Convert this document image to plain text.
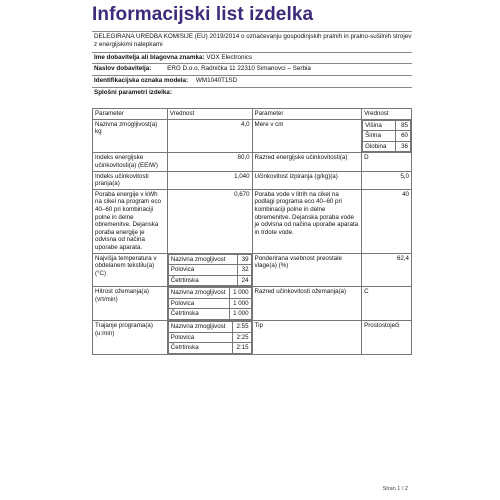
Informacijski list izdelka
DELEGIRANA UREDBA KOMISIJE (EU) 2019/2014 o označevanju gospodinjskih pralnih in pralno-sušilnih strojev z energijskimi nalepkami
Ime dobavitelja ali blagovna znamka: VOX Electronics
Naslov dobavitelja:	ERG D.o.o, Radnička 11 22310 Simanovci – Serbia
Identifikacijska oznaka modela: WM1040T1SD
Splošni parametri izdelka:
Parameter	Vrednost	Parameter	Vrednost
Nazivna zmogljivost(a) kg	4,0	Mere v cm		Višina	85
Širina	60
Globina	36

Indeks energijske učinkovitosti(a) (EEIW)	80,0	Razred energijske učinkovitosti(a)	D
Indeks učinkovitosti pranja(a)	1,040	Učinkovitost izpiranja (g/kg)(a)	5,0
Poraba energije v kWh na cikel na program eco 40–60 pri kombinaciji polne in delne obremenitve. Dejanska poraba energije je odvisna od načina uporabe aparata.	0,670	Poraba vode v litrih na cikel na podlagi programa eco 40–60 pri kombinaciji polne in delne obremenitve. Dejanska poraba vode je odvisna od načina uporabe aparata in trdote vode.	40
Najvišja temperatura v obdelanem tekstilu(a) (°C)	
Nazivna zmogljivost	39
Polovica	32
Četrtinska	24
	Ponderirana vsebnost preostale vlage(a) (%)	62,4
Hitrost ožemanja(a) (vrt/min)	
Nazivna zmogljivost	1 000
Polovica	1 000
Četrtinska	1 000
	Razred učinkovitosti ožemanja(a)	C
Trajanje programa(a) (u:min)	
Nazivna zmogljivost	2:55
Polovica	2:25
Četrtinska	2:15
	Tip	Prostostoječi
Stran 1 / 2
